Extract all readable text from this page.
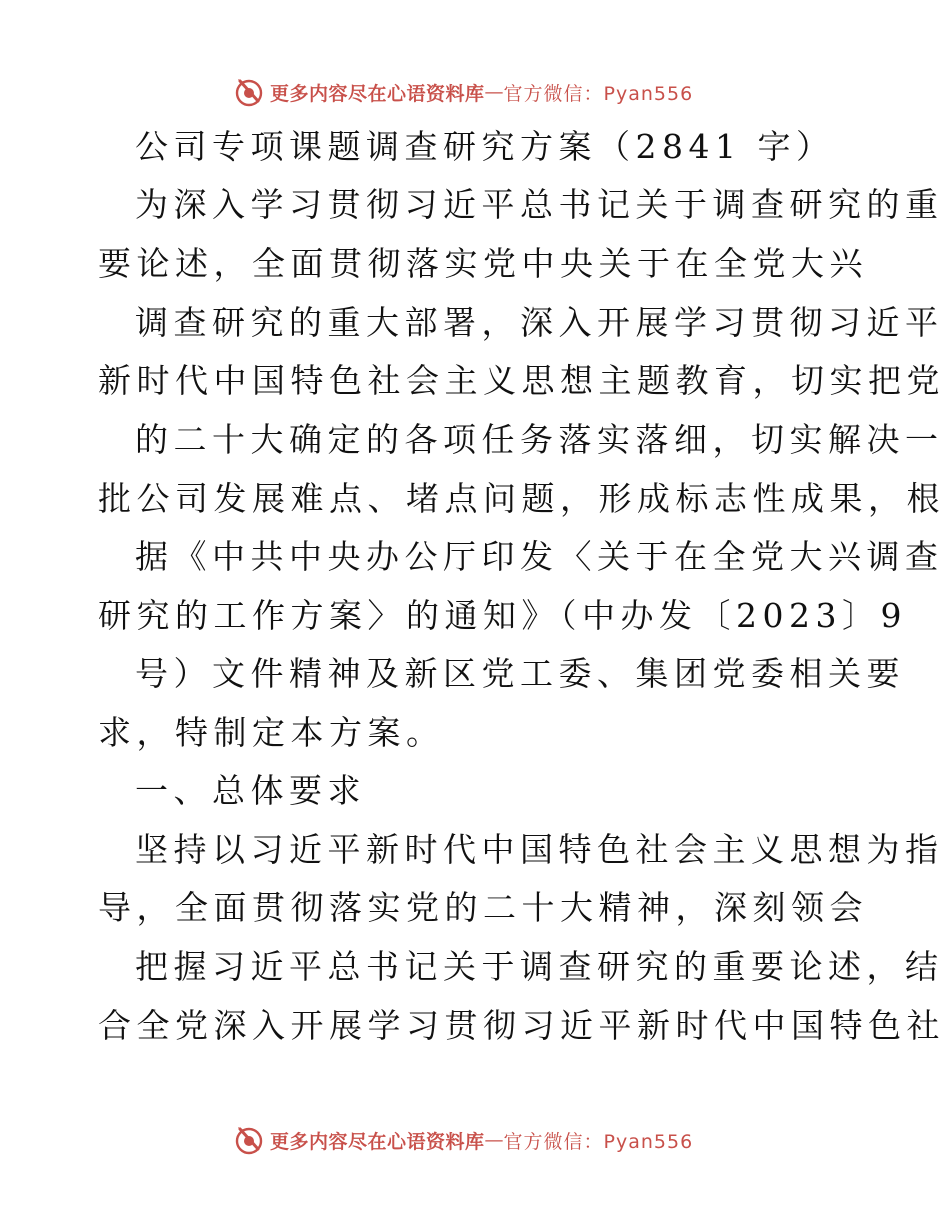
更多内容尽在心语资料库 — 官方微信：Pyan556
公司专项课题调查研究方案（2841 字）
为深入学习贯彻习近平总书记关于调查研究的重
要论述，全面贯彻落实党中央关于在全党大兴
调查研究的重大部署，深入开展学习贯彻习近平
新时代中国特色社会主义思想主题教育，切实把党
的二十大确定的各项任务落实落细，切实解决一
批公司发展难点、堵点问题，形成标志性成果，根
据《中共中央办公厅印发〈关于在全党大兴调查
研究的工作方案〉的通知》（中办发〔2023〕9
号）文件精神及新区党工委、集团党委相关要
求，特制定本方案。
一、总体要求
坚持以习近平新时代中国特色社会主义思想为指
导，全面贯彻落实党的二十大精神，深刻领会
把握习近平总书记关于调查研究的重要论述，结
合全党深入开展学习贯彻习近平新时代中国特色社
更多内容尽在心语资料库 — 官方微信：Pyan556
